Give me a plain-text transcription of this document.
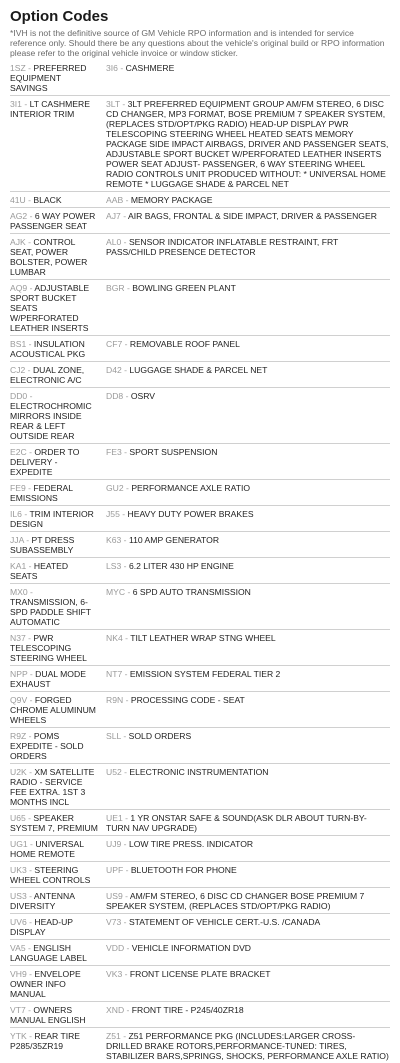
Option Codes
*IVH is not the definitive source of GM Vehicle RPO information and is intended for service reference only. Should there be any questions about the vehicle's original build or RPO information please refer to the original vehicle invoice or window sticker.
1SZ - PREFERRED EQUIPMENT SAVINGS
3I6 - CASHMERE
3I1 - LT CASHMERE INTERIOR TRIM
3LT - 3LT PREFERRED EQUIPMENT GROUP AM/FM STEREO, 6 DISC CD CHANGER, MP3 FORMAT, BOSE PREMIUM 7 SPEAKER SYSTEM, (REPLACES STD/OPT/PKG RADIO) HEAD-UP DISPLAY PWR TELESCOPING STEERING WHEEL HEATED SEATS MEMORY PACKAGE SIDE IMPACT AIRBAGS, DRIVER AND PASSENGER SEATS, ADJUSTABLE SPORT BUCKET W/PERFORATED LEATHER INSERTS POWER SEAT ADJUST- PASSENGER, 6 WAY STEERING WHEEL RADIO CONTROLS UNIT PRODUCED WITHOUT: * UNIVERSAL HOME REMOTE * LUGGAGE SHADE & PARCEL NET
41U - BLACK	AAB - MEMORY PACKAGE
AG2 - 6 WAY POWER PASSENGER SEAT
AJ7 - AIR BAGS, FRONTAL & SIDE IMPACT, DRIVER & PASSENGER
AJK - CONTROL SEAT, POWER BOLSTER, POWER LUMBAR
AL0 - SENSOR INDICATOR INFLATABLE RESTRAINT, FRT PASS/CHILD PRESENCE DETECTOR
AQ9 - ADJUSTABLE SPORT BUCKET SEATS W/PERFORATED LEATHER INSERTS
BGR - BOWLING GREEN PLANT
BS1 - INSULATION ACOUSTICAL PKG
CF7 - REMOVABLE ROOF PANEL
CJ2 - DUAL ZONE, ELECTRONIC A/C
D42 - LUGGAGE SHADE & PARCEL NET
DD0 - ELECTROCHROMIC MIRRORS INSIDE REAR & LEFT OUTSIDE REAR
DD8 - OSRV
E2C - ORDER TO DELIVERY - EXPEDITE
FE3 - SPORT SUSPENSION
FE9 - FEDERAL EMISSIONS
GU2 - PERFORMANCE AXLE RATIO
IL6 - TRIM INTERIOR DESIGN
J55 - HEAVY DUTY POWER BRAKES
JJA - PT DRESS SUBASSEMBLY
K63 - 110 AMP GENERATOR
KA1 - HEATED SEATS
LS3 - 6.2 LITER 430 HP ENGINE
MX0 - TRANSMISSION, 6-SPD PADDLE SHIFT AUTOMATIC
MYC - 6 SPD AUTO TRANSMISSION
N37 - PWR TELESCOPING STEERING WHEEL
NK4 - TILT LEATHER WRAP STNG WHEEL
NPP - DUAL MODE EXHAUST
NT7 - EMISSION SYSTEM FEDERAL TIER 2
Q9V - FORGED CHROME ALUMINUM WHEELS
R9N - PROCESSING CODE - SEAT
R9Z - POMS EXPEDITE - SOLD ORDERS
SLL - SOLD ORDERS
U2K - XM SATELLITE RADIO - SERVICE FEE EXTRA. 1ST 3 MONTHS INCL
U52 - ELECTRONIC INSTRUMENTATION
U65 - SPEAKER SYSTEM 7, PREMIUM
UE1 - 1 YR ONSTAR SAFE & SOUND(ASK DLR ABOUT TURN-BY-TURN NAV UPGRADE)
UG1 - UNIVERSAL HOME REMOTE
UJ9 - LOW TIRE PRESS. INDICATOR
UK3 - STEERING WHEEL CONTROLS
UPF - BLUETOOTH FOR PHONE
US3 - ANTENNA DIVERSITY
US9 - AM/FM STEREO, 6 DISC CD CHANGER BOSE PREMIUM 7 SPEAKER SYSTEM, (REPLACES STD/OPT/PKG RADIO)
UV6 - HEAD-UP DISPLAY
V73 - STATEMENT OF VEHICLE CERT.-U.S. /CANADA
VA5 - ENGLISH LANGUAGE LABEL
VDD - VEHICLE INFORMATION DVD
VH9 - ENVELOPE OWNER INFO MANUAL
VK3 - FRONT LICENSE PLATE BRACKET
VT7 - OWNERS MANUAL ENGLISH
XND - FRONT TIRE - P245/40ZR18
YTK - REAR TIRE P285/35ZR19
Z51 - Z51 PERFORMANCE PKG (INCLUDES:LARGER CROSS-DRILLED BRAKE ROTORS,PERFORMANCE-TUNED: TIRES, STABILIZER BARS,SPRINGS, SHOCKS, PERFORMANCE AXLE RATIO)
